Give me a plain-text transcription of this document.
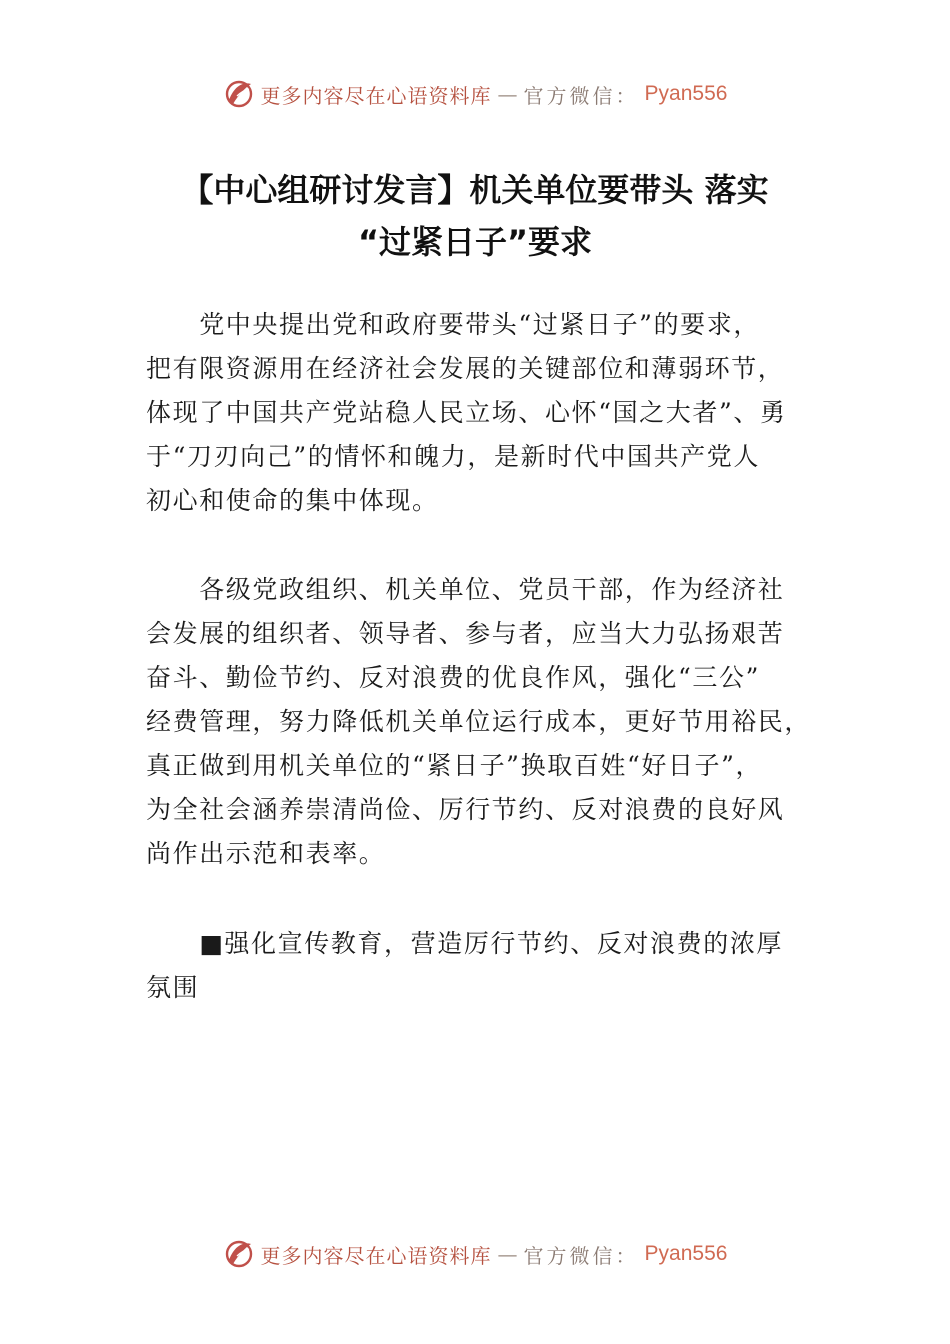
更多内容尽在心语资料库 — 官方微信： Pyan556
【中心组研讨发言】机关单位要带头 落实
“过紧日子”要求
　　党中央提出党和政府要带头“过紧日子”的要求，
把有限资源用在经济社会发展的关键部位和薄弱环节，
体现了中国共产党站稳人民立场、心怀“国之大者”、勇
于“刀刃向己”的情怀和魄力，是新时代中国共产党人
初心和使命的集中体现。
　　各级党政组织、机关单位、党员干部，作为经济社
会发展的组织者、领导者、参与者，应当大力弘扬艰苦
奋斗、勤俭节约、反对浪费的优良作风，强化“三公”
经费管理，努力降低机关单位运行成本，更好节用裕民，
真正做到用机关单位的“紧日子”换取百姓“好日子”，
为全社会涵养崇清尚俭、厉行节约、反对浪费的良好风
尚作出示范和表率。
　　■强化宣传教育，营造厉行节约、反对浪费的浓厚
氛围
更多内容尽在心语资料库 — 官方微信： Pyan556
